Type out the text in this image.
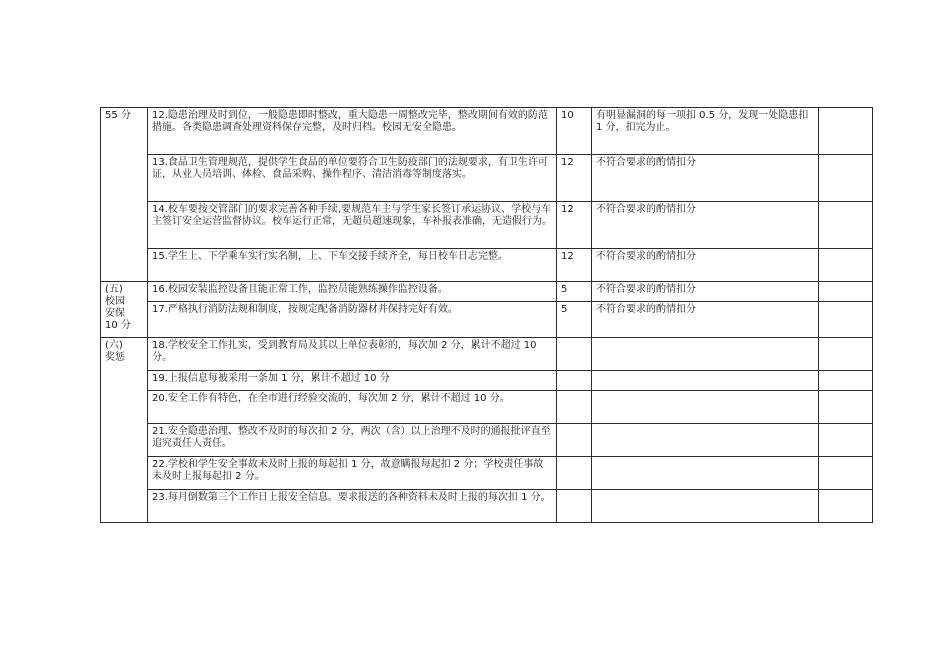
55 分	12.隐患治理及时到位，一般隐患即时整改，重大隐患一周整改完毕，整改期间有效的防范措施。各类隐患调查处理资料保存完整，及时归档。校园无安全隐患。	10	有明显漏洞的每一项扣 0.5 分，发现一处隐患扣 1 分，扣完为止。	
	13.食品卫生管理规范，提供学生食品的单位要符合卫生防疫部门的法规要求，有卫生许可证，从业人员培训、体检、食品采购、操作程序、清洁消毒等制度落实。	12	不符合要求的酌情扣分	
	14.校车要按交管部门的要求完善各种手续,要规范车主与学生家长签订承运协议、学校与车主签订安全运营监督协议。校车运行正常，无超员超速现象，车补报表准确，无造假行为。	12	不符合要求的酌情扣分	
	15.学生上、下学乘车实行实名制，上、下车交接手续齐全，每日校车日志完整。	12	不符合要求的酌情扣分	
(五)
校园
安保
10 分	16.校园安装监控设备且能正常工作，监控员能熟练操作监控设备。	5	不符合要求的酌情扣分	
	17.严格执行消防法规和制度，按规定配备消防器材并保持完好有效。	5	不符合要求的酌情扣分	
(六)
奖惩	18.学校安全工作扎实，受到教育局及其以上单位表彰的，每次加 2 分，累计不超过 10 分。			
	19.上报信息每被采用一条加 1 分，累计不超过 10 分			
	20.安全工作有特色，在全市进行经验交流的，每次加 2 分，累计不超过 10 分。			
	21.安全隐患治理、整改不及时的每次扣 2 分，两次（含）以上治理不及时的通报批评直至追究责任人责任。			
	22.学校和学生安全事故未及时上报的每起扣 1 分，故意瞒报每起扣 2 分；学校责任事故未及时上报每起扣 2 分。			
	23.每月倒数第三个工作日上报安全信息。要求报送的各种资料未及时上报的每次扣 1 分。			
